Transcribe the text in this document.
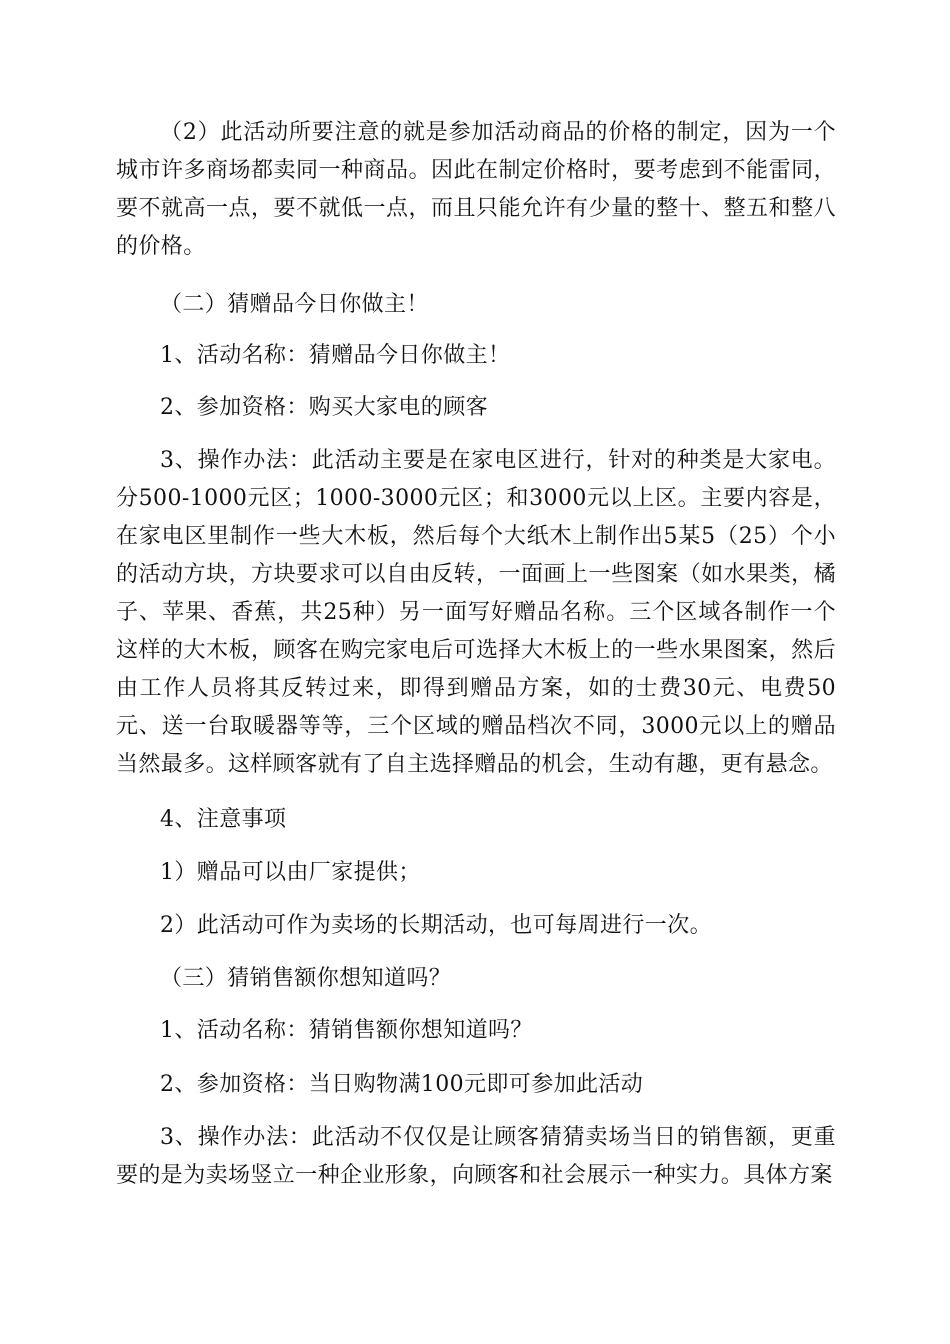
（2）此活动所要注意的就是参加活动商品的价格的制定，因为一个城市许多商场都卖同一种商品。因此在制定价格时，要考虑到不能雷同，要不就高一点，要不就低一点，而且只能允许有少量的整十、整五和整八的价格。

（二）猜赠品今日你做主！

1、活动名称：猜赠品今日你做主！

2、参加资格：购买大家电的顾客

3、操作办法：此活动主要是在家电区进行，针对的种类是大家电。分500-1000元区；1000-3000元区；和3000元以上区。主要内容是，在家电区里制作一些大木板，然后每个大纸木上制作出5某5（25）个小的活动方块，方块要求可以自由反转，一面画上一些图案（如水果类，橘子、苹果、香蕉，共25种）另一面写好赠品名称。三个区域各制作一个这样的大木板，顾客在购完家电后可选择大木板上的一些水果图案，然后由工作人员将其反转过来，即得到赠品方案，如的士费30元、电费50元、送一台取暖器等等，三个区域的赠品档次不同，3000元以上的赠品当然最多。这样顾客就有了自主选择赠品的机会，生动有趣，更有悬念。

4、注意事项

1）赠品可以由厂家提供；

2）此活动可作为卖场的长期活动，也可每周进行一次。

（三）猜销售额你想知道吗？

1、活动名称：猜销售额你想知道吗？

2、参加资格：当日购物满100元即可参加此活动

3、操作办法：此活动不仅仅是让顾客猜猜卖场当日的销售额，更重要的是为卖场竖立一种企业形象，向顾客和社会展示一种实力。具体方案
